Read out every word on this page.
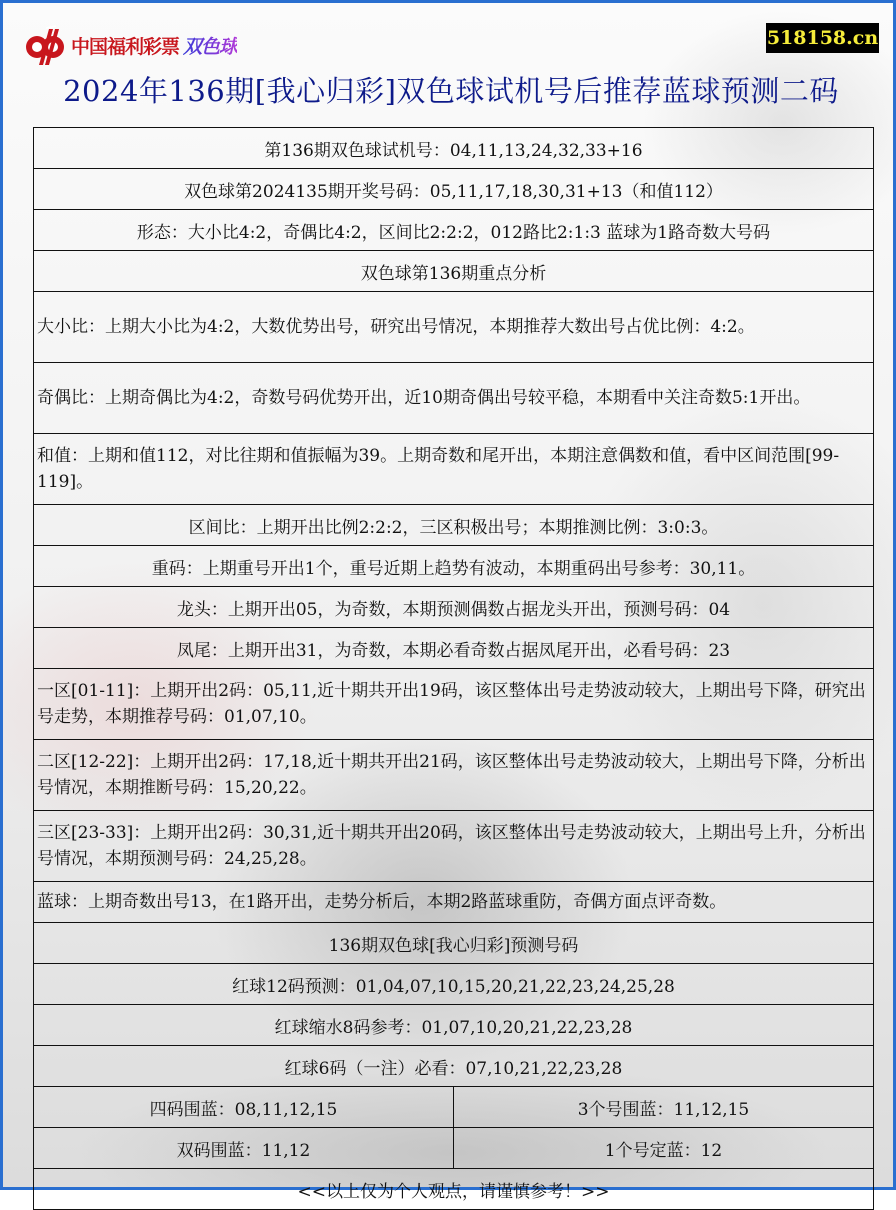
中国福利彩票 双色球	518158.cn
2024年136期[我心归彩]双色球试机号后推荐蓝球预测二码
第136期双色球试机号：04,11,13,24,32,33+16	
双色球第2024135期开奖号码：05,11,17,18,30,31+13（和值112）	
形态：大小比4:2，奇偶比4:2，区间比2:2:2，012路比2:1:3 蓝球为1路奇数大号码	
双色球第136期重点分析	
大小比：上期大小比为4:2，大数优势出号，研究出号情况，本期推荐大数出号占优比例：4:2。	
奇偶比：上期奇偶比为4:2，奇数号码优势开出，近10期奇偶出号较平稳，本期看中关注奇数5:1开出。	
和值：上期和值112，对比往期和值振幅为39。上期奇数和尾开出，本期注意偶数和值，看中区间范围[99-119]。	
区间比：上期开出比例2:2:2，三区积极出号；本期推测比例：3:0:3。	
重码：上期重号开出1个，重号近期上趋势有波动，本期重码出号参考：30,11。	
龙头：上期开出05，为奇数，本期预测偶数占据龙头开出，预测号码：04	
凤尾：上期开出31，为奇数，本期必看奇数占据凤尾开出，必看号码：23	
一区[01-11]：上期开出2码：05,11,近十期共开出19码，该区整体出号走势波动较大，上期出号下降，研究出号走势，本期推荐号码：01,07,10。	
二区[12-22]：上期开出2码：17,18,近十期共开出21码，该区整体出号走势波动较大，上期出号下降，分析出号情况，本期推断号码：15,20,22。	
三区[23-33]：上期开出2码：30,31,近十期共开出20码，该区整体出号走势波动较大，上期出号上升，分析出号情况，本期预测号码：24,25,28。	
蓝球：上期奇数出号13，在1路开出，走势分析后，本期2路蓝球重防，奇偶方面点评奇数。	
136期双色球[我心归彩]预测号码	
红球12码预测：01,04,07,10,15,20,21,22,23,24,25,28	
红球缩水8码参考：01,07,10,20,21,22,23,28	
红球6码（一注）必看：07,10,21,22,23,28	
四码围蓝：08,11,12,15	3个号围蓝：11,12,15
双码围蓝：11,12	1个号定蓝：12
<<以上仅为个人观点，请谨慎参考！>>	
